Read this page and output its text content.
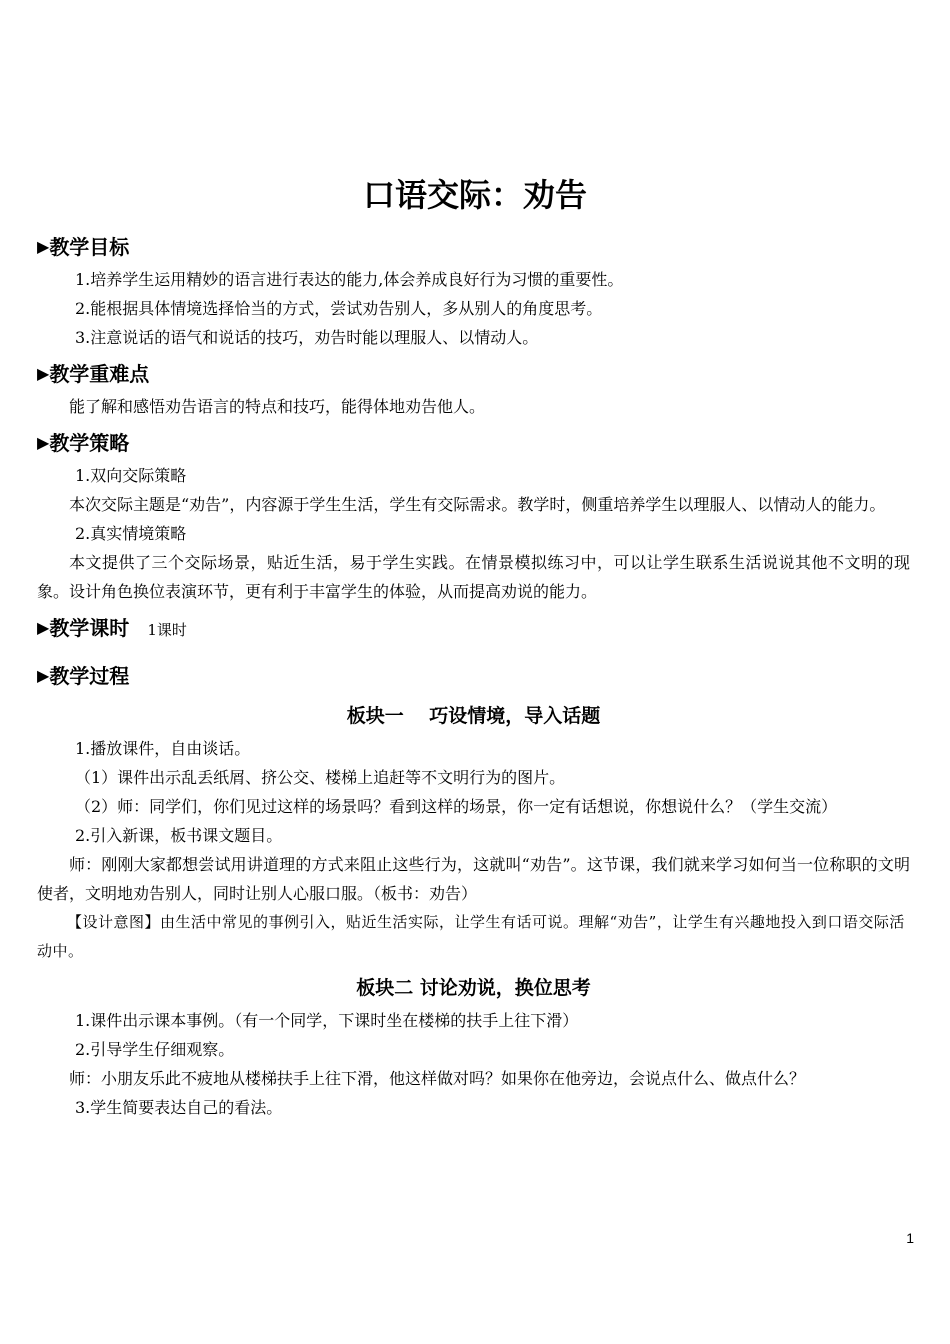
口语交际：劝告

▶教学目标

1.培养学生运用精妙的语言进行表达的能力,体会养成良好行为习惯的重要性。

2.能根据具体情境选择恰当的方式，尝试劝告别人，多从别人的角度思考。

3.注意说话的语气和说话的技巧，劝告时能以理服人、以情动人。

▶教学重难点

能了解和感悟劝告语言的特点和技巧，能得体地劝告他人。

▶教学策略

1.双向交际策略

本次交际主题是“劝告”，内容源于学生生活，学生有交际需求。教学时，侧重培养学生以理服人、以情动人的能力。

2.真实情境策略

本文提供了三个交际场景，贴近生活，易于学生实践。在情景模拟练习中，可以让学生联系生活说说其他不文明的现象。设计角色换位表演环节，更有利于丰富学生的体验，从而提高劝说的能力。

▶教学课时 1课时

▶教学过程

板块一　 巧设情境，导入话题

1.播放课件，自由谈话。

（1）课件出示乱丢纸屑、挤公交、楼梯上追赶等不文明行为的图片。

（2）师：同学们，你们见过这样的场景吗？看到这样的场景，你一定有话想说，你想说什么？（学生交流）

2.引入新课，板书课文题目。

师：刚刚大家都想尝试用讲道理的方式来阻止这些行为，这就叫“劝告”。这节课，我们就来学习如何当一位称职的文明使者，文明地劝告别人，同时让别人心服口服。（板书：劝告）

【设计意图】由生活中常见的事例引入，贴近生活实际，让学生有话可说。理解“劝告”，让学生有兴趣地投入到口语交际活动中。

板块二 讨论劝说，换位思考

1.课件出示课本事例。（有一个同学，下课时坐在楼梯的扶手上往下滑）

2.引导学生仔细观察。

师：小朋友乐此不疲地从楼梯扶手上往下滑，他这样做对吗？如果你在他旁边，会说点什么、做点什么？

3.学生简要表达自己的看法。

1
